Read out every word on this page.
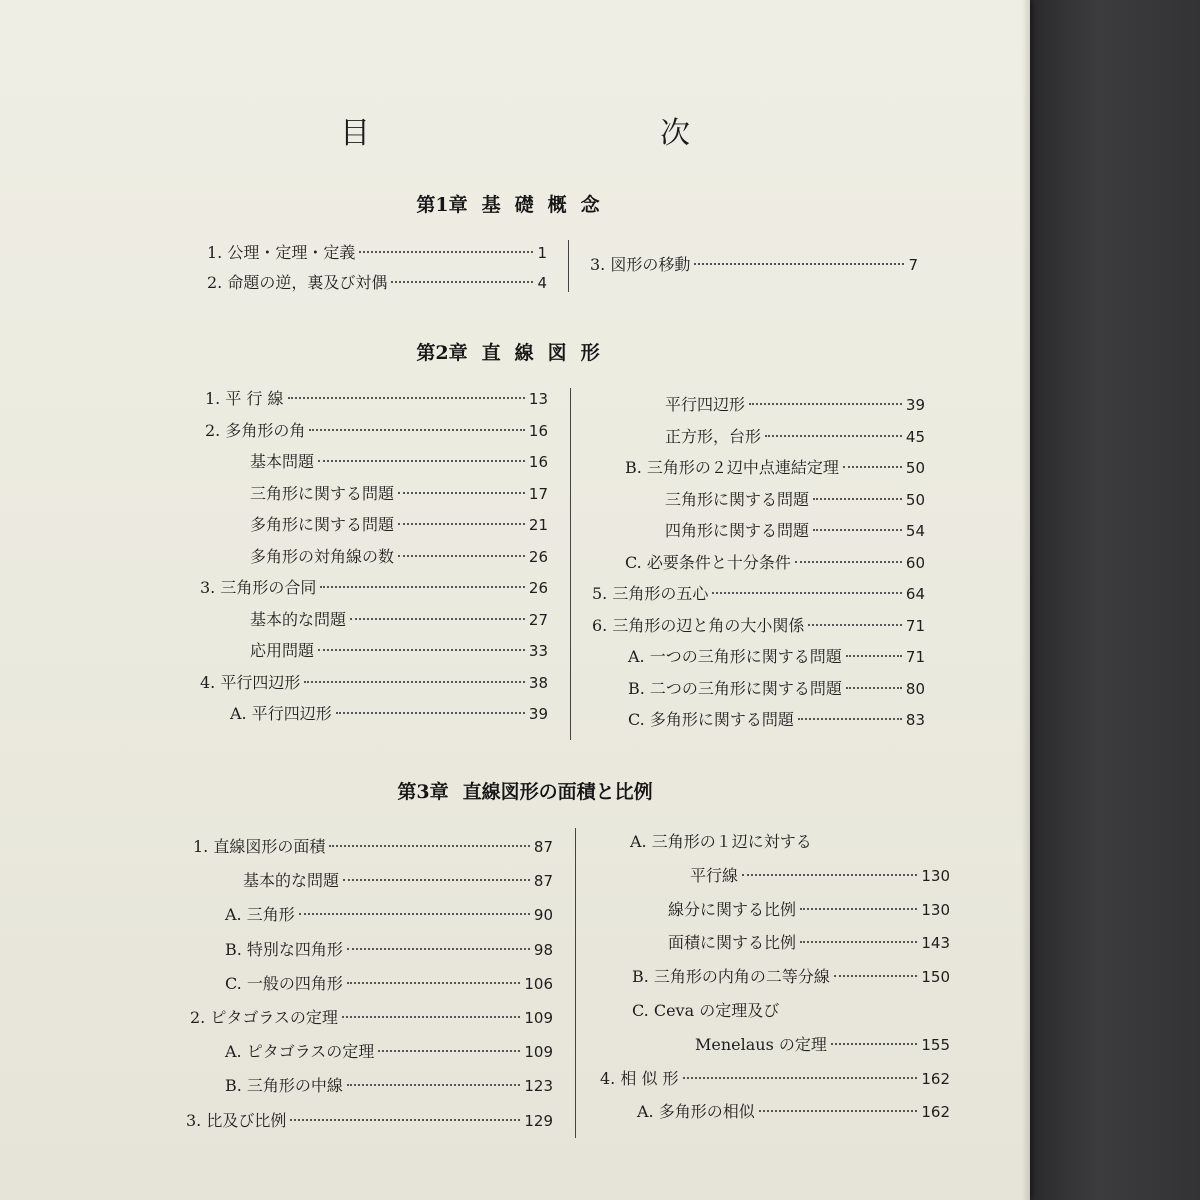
目　次
第1章 基礎概念
1. 公理・定理・定義	1
2. 命題の逆，裏及び対偶	4
3. 図形の移動	7
第2章 直線図形
第3章 直線図形の面積と比例
1. 平 行 線	13
2. 多角形の角	16
基本問題	16
三角形に関する問題	17
多角形に関する問題	21
多角形の対角線の数	26
3. 三角形の合同	26
基本的な問題	27
応用問題	33
4. 平行四辺形	38
A. 平行四辺形	39
平行四辺形	39
正方形，台形	45
B. 三角形の２辺中点連結定理	50
三角形に関する問題	50
四角形に関する問題	54
C. 必要条件と十分条件	60
5. 三角形の五心	64
6. 三角形の辺と角の大小関係	71
A. 一つの三角形に関する問題	71
B. 二つの三角形に関する問題	80
C. 多角形に関する問題	83
1. 直線図形の面積	87
基本的な問題	87
A. 三角形	90
B. 特別な四角形	98
C. 一般の四角形	106
2. ピタゴラスの定理	109
A. ピタゴラスの定理	109
B. 三角形の中線	123
3. 比及び比例	129
A. 三角形の１辺に対する
平行線	130
線分に関する比例	130
面積に関する比例	143
B. 三角形の内角の二等分線	150
C. Ceva の定理及び
Menelaus の定理	155
4. 相 似 形	162
A. 多角形の相似	162
